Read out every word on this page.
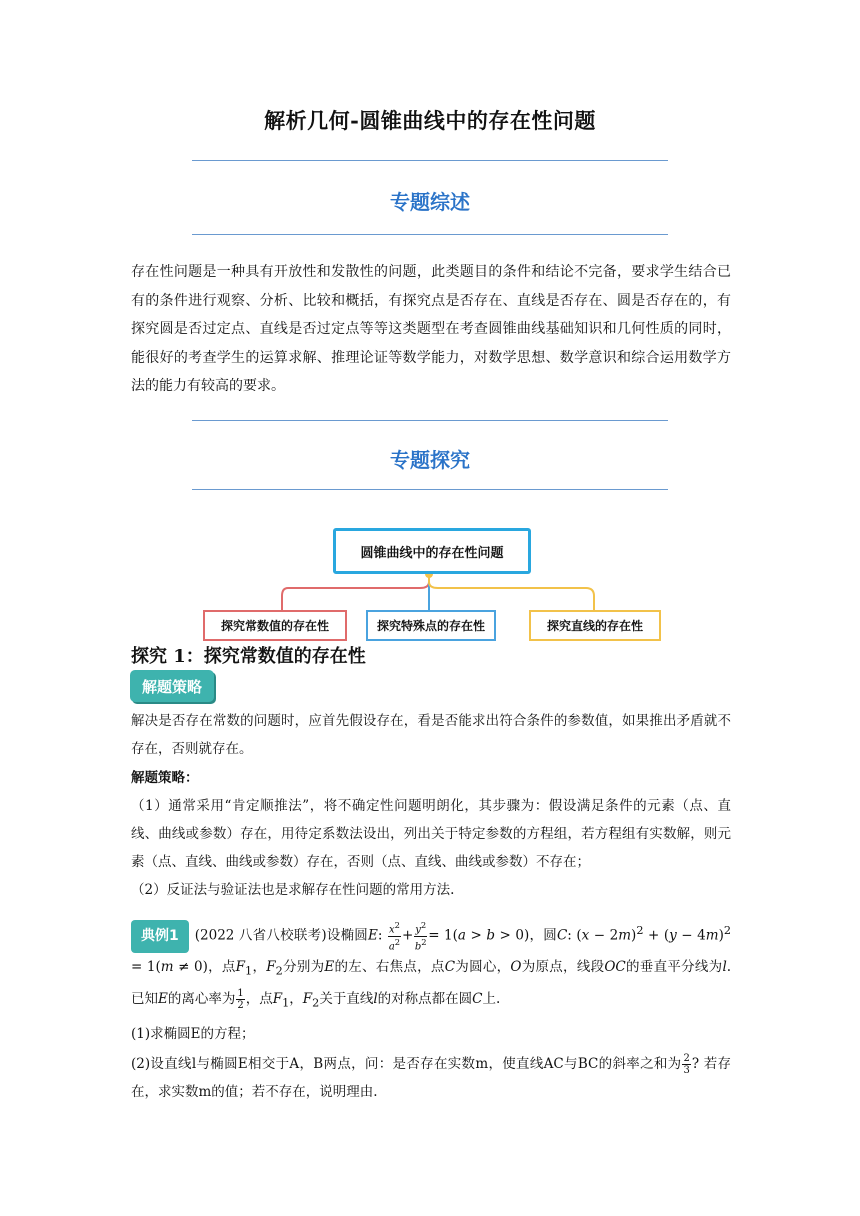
解析几何-圆锥曲线中的存在性问题
专题综述
存在性问题是一种具有开放性和发散性的问题，此类题目的条件和结论不完备，要求学生结合已有的条件进行观察、分析、比较和概括，有探究点是否存在、直线是否存在、圆是否存在的，有探究圆是否过定点、直线是否过定点等等这类题型在考查圆锥曲线基础知识和几何性质的同时，能很好的考查学生的运算求解、推理论证等数学能力，对数学思想、数学意识和综合运用数学方法的能力有较高的要求。
专题探究
圆锥曲线中的存在性问题
探究常数值的存在性	探究特殊点的存在性	探究直线的存在性
探究 1：探究常数值的存在性
解题策略
解决是否存在常数的问题时，应首先假设存在，看是否能求出符合条件的参数值，如果推出矛盾就不存在，否则就存在。
解题策略：
（1）通常采用“肯定顺推法”，将不确定性问题明朗化，其步骤为：假设满足条件的元素（点、直线、曲线或参数）存在，用待定系数法设出，列出关于特定参数的方程组，若方程组有实数解，则元素（点、直线、曲线或参数）存在，否则（点、直线、曲线或参数）不存在；
（2）反证法与验证法也是求解存在性问题的常用方法.
典例1 (2022 八省八校联考)设椭圆E: $\frac{x^2}{a^2} + \frac{y^2}{b^2} = 1(a > b > 0)$，圆C: $(x - 2m)^2 + (y - 4m)^2 = 1(m \ne 0)$，点$F_1$，$F_2$分别为E的左、右焦点，点C为圆心，O为原点，线段OC的垂直平分线为l.已知E的离心率为 $\frac{1}{2}$ ，点$F_1$，$F_2$关于直线l的对称点都在圆C上.
(1)求椭圆E的方程；
(2)设直线l与椭圆E相交于A，B两点，问：是否存在实数m，使直线AC与BC的斜率之和为 $\frac{2}{3}$ ? 若存在，求实数m的值；若不存在，说明理由.
